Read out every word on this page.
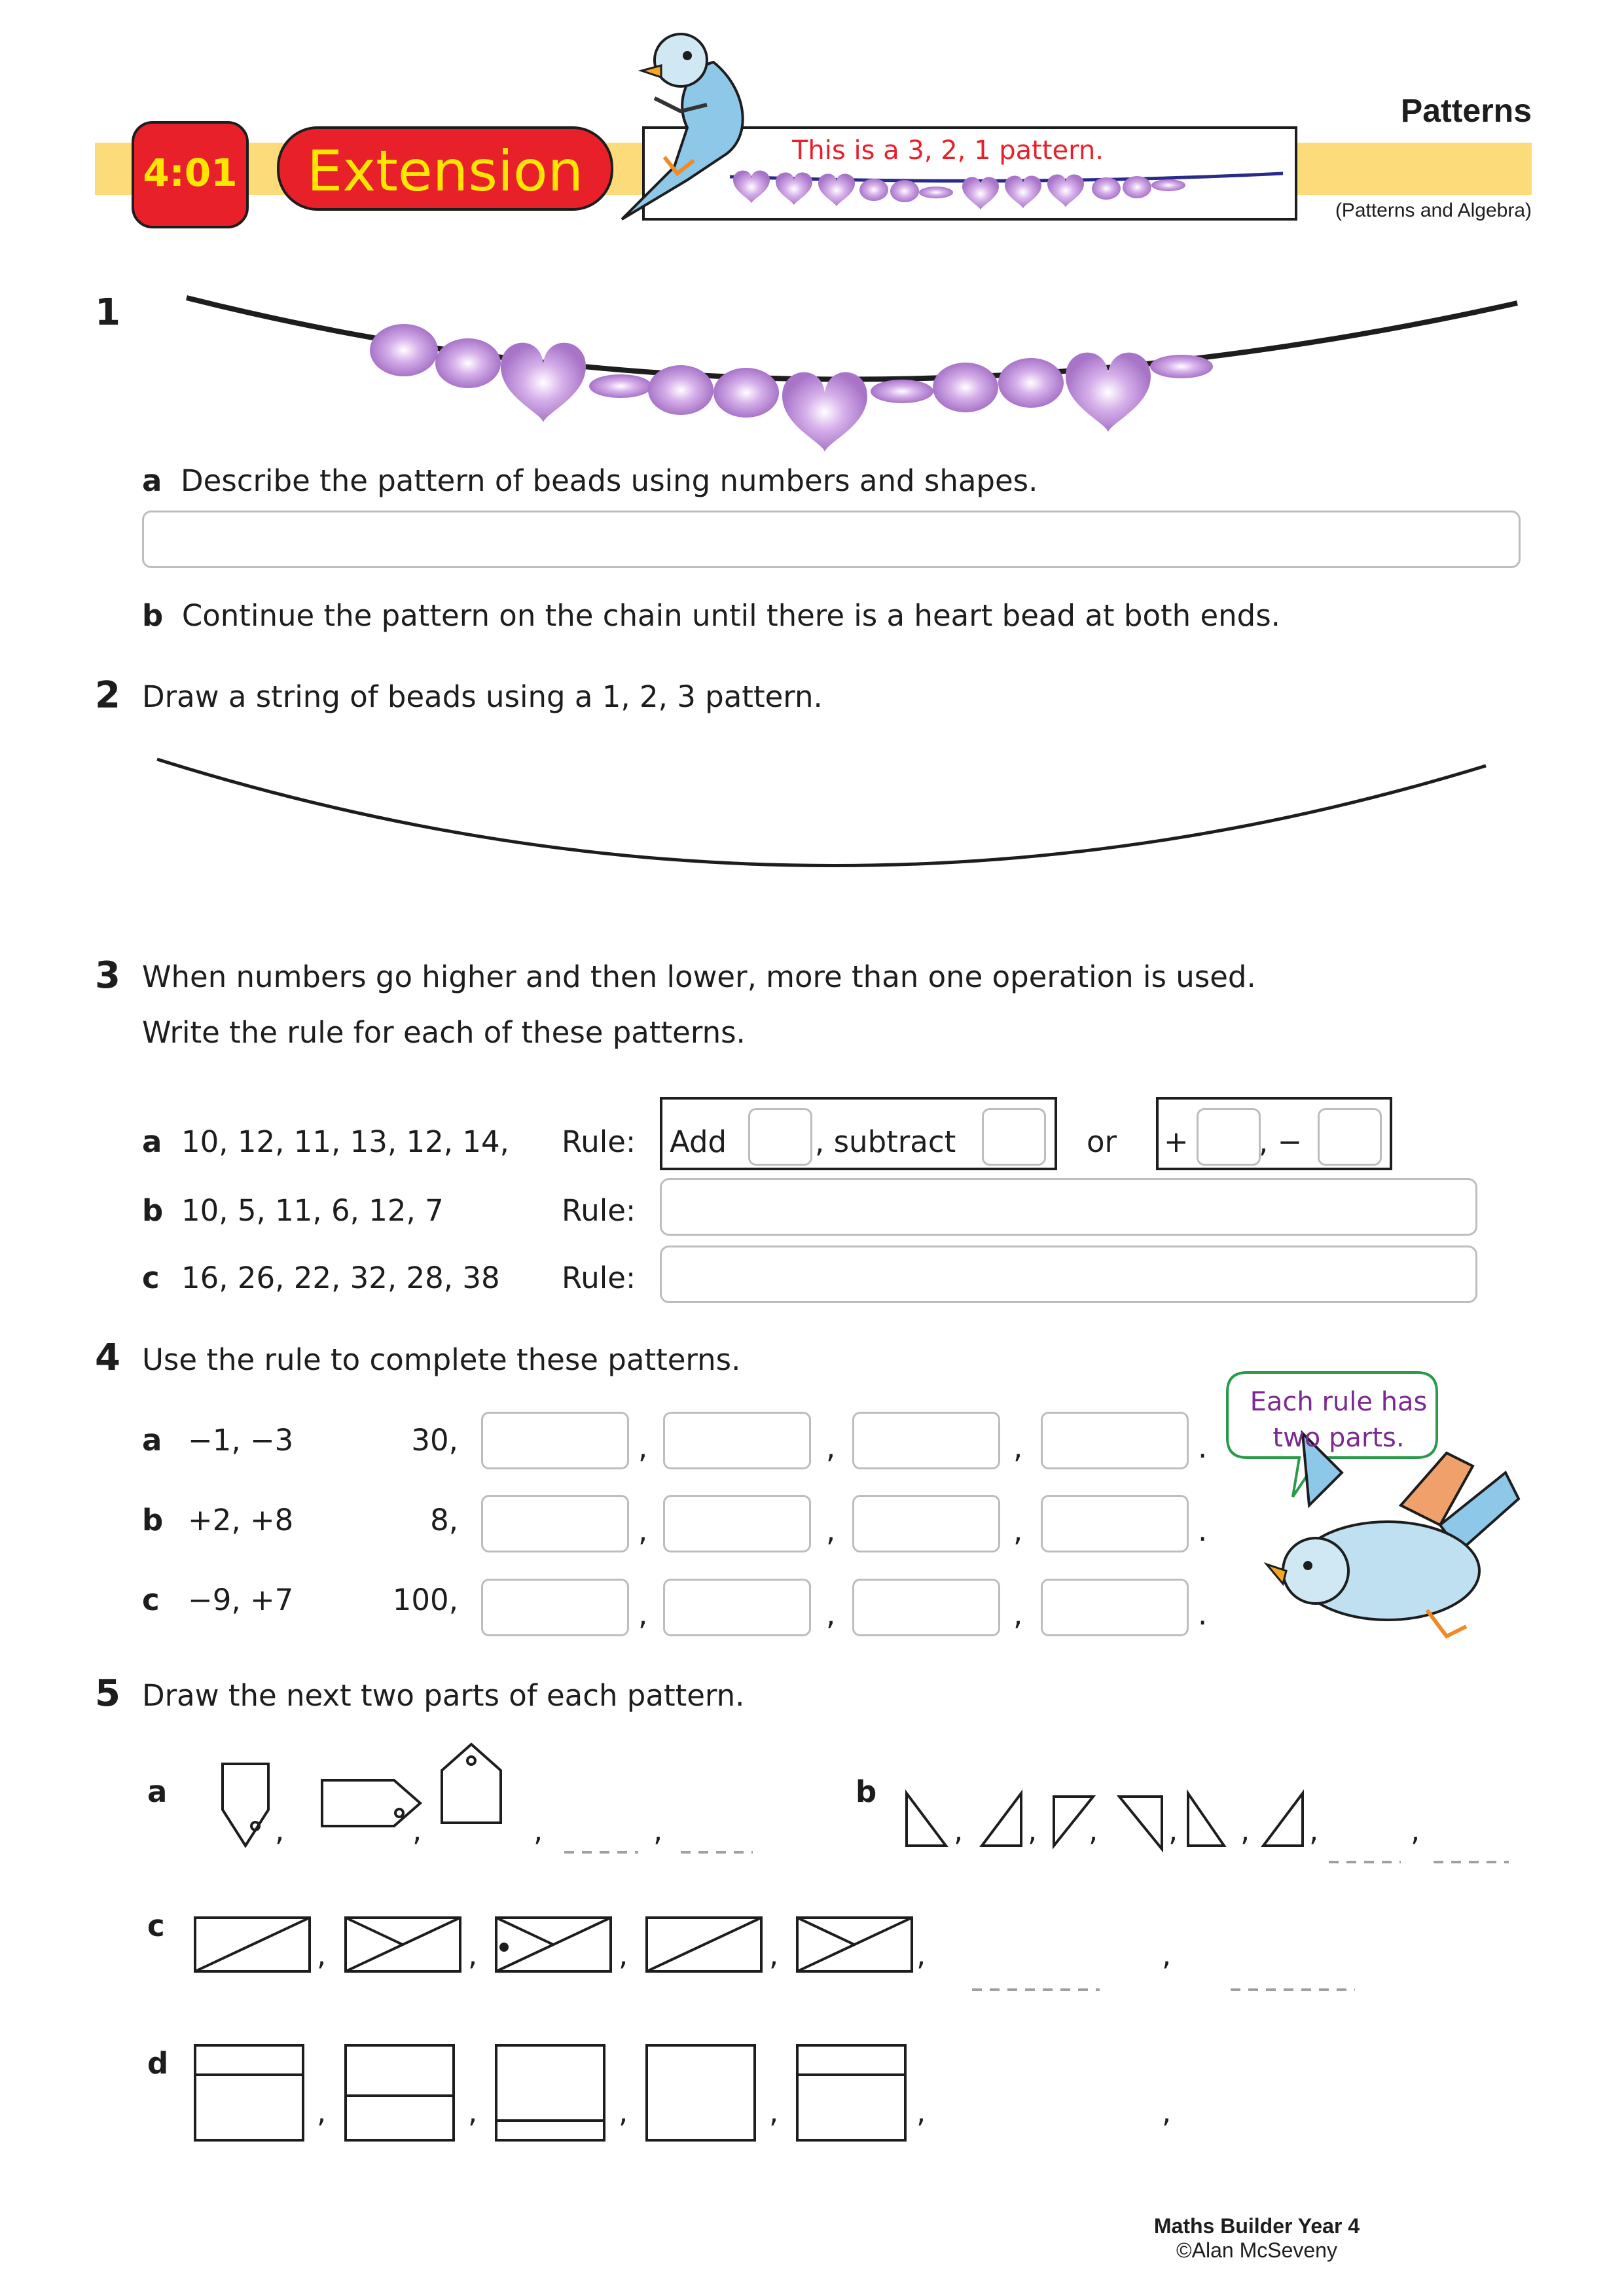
4:01	Extension	This is a 3, 2, 1 pattern.
Patterns
(Patterns and Algebra)
1
a Describe the pattern of beads using numbers and shapes.
b Continue the pattern on the chain until there is a heart bead at both ends.
2 Draw a string of beads using a 1, 2, 3 pattern.
3 When numbers go higher and then lower, more than one operation is used.
Write the rule for each of these patterns.
a 10, 12, 11, 13, 12, 14, Rule: Add	, subtract	or + , −
b 10, 5, 11, 6, 12, 7	Rule:
c 16, 26, 22, 32, 28, 38 Rule:
4 Use the rule to complete these patterns.
Each rule has
two parts.
a −1, −3	30,	,	,	,	.
b +2, +8	8,	,	,	,	.
c −9, +7	100,	,	,	,	.
5 Draw the next two parts of each pattern.
a
,	,	,	,
b
, , , , , ,	,
c
,	,	,	,	,	,
d
,	,	,	,	,	,
Maths Builder Year 4
©Alan McSeveny
